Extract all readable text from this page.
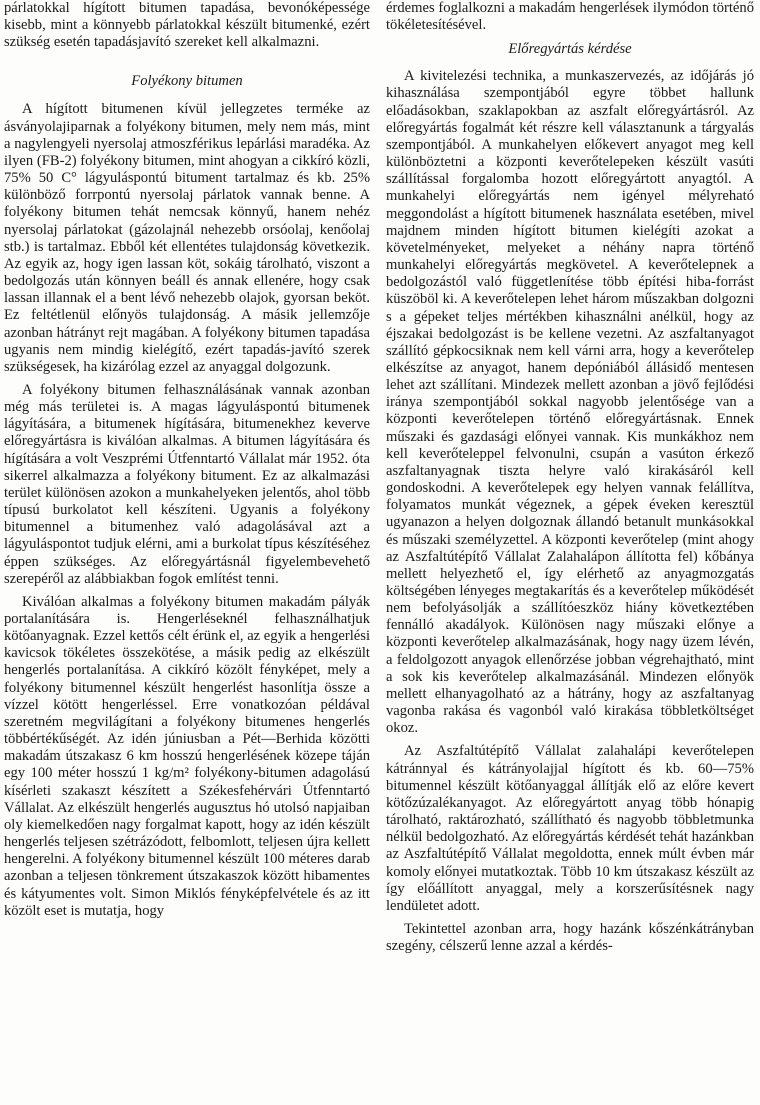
párlatokkal hígított bitumen tapadása, bevonóképessége kisebb, mint a könnyebb párlatokkal készült bitumenké, ezért szükség esetén tapadásjavító szereket kell alkalmazni.

Folyékony bitumen

A hígított bitumenen kívül jellegzetes terméke az ásványolajiparnak a folyékony bitumen, mely nem más, mint a nagylengyeli nyersolaj atmoszférikus lepárlási maradéka. Az ilyen (FB-2) folyékony bitumen, mint ahogyan a cikkíró közli, 75% 50 C° lágyuláspontú bitument tartalmaz és kb. 25% különböző forrpontú nyersolaj párlatok vannak benne. A folyékony bitumen tehát nemcsak könnyű, hanem nehéz nyersolaj párlatokat (gázolajnál nehezebb orsóolaj, kenőolaj stb.) is tartalmaz. Ebből két ellentétes tulajdonság következik. Az egyik az, hogy igen lassan köt, sokáig tárolható, viszont a bedolgozás után könnyen beáll és annak ellenére, hogy csak lassan illannak el a bent lévő nehezebb olajok, gyorsan beköt. Ez feltétlenül előnyös tulajdonság. A másik jellemzője azonban hátrányt rejt magában. A folyékony bitumen tapadása ugyanis nem mindig kielégítő, ezért tapadás-javító szerek szükségesek, ha kizárólag ezzel az anyaggal dolgozunk.

A folyékony bitumen felhasználásának vannak azonban még más területei is. A magas lágyuláspontú bitumenek lágyítására, a bitumenek hígítására, bitumenekhez keverve előregyártásra is kiválóan alkalmas. A bitumen lágyítására és hígítására a volt Veszprémi Útfenntartó Vállalat már 1952. óta sikerrel alkalmazza a folyékony bitument. Ez az alkalmazási terület különösen azokon a munkahelyeken jelentős, ahol több típusú burkolatot kell készíteni. Ugyanis a folyékony bitumennel a bitumenhez való adagolásával azt a lágyuláspontot tudjuk elérni, ami a burkolat típus készítéséhez éppen szükséges. Az előregyártásnál figyelembevehető szerepéről az alábbiakban fogok említést tenni.

Kiválóan alkalmas a folyékony bitumen makadám pályák portalanítására is. Hengerléseknél felhasználhatjuk kötőanyagnak. Ezzel kettős célt érünk el, az egyik a hengerlési kavicsok tökéletes összekötése, a másik pedig az elkészült hengerlés portalanítása. A cikkíró közölt fényképet, mely a folyékony bitumennel készült hengerlést hasonlítja össze a vízzel kötött hengerléssel. Erre vonatkozóan példával szeretném megvilágítani a folyékony bitumenes hengerlés többértékűségét. Az idén júniusban a Pét—Berhida közötti makadám útszakasz 6 km hosszú hengerlésének közepe táján egy 100 méter hosszú 1 kg/m² folyékony-bitumen adagolású kísérleti szakaszt készített a Székesfehérvári Útfenntartó Vállalat. Az elkészült hengerlés augusztus hó utolsó napjaiban oly kiemelkedően nagy forgalmat kapott, hogy az idén készült hengerlés teljesen szétrázódott, felbomlott, teljesen újra kellett hengerelni. A folyékony bitumennel készült 100 méteres darab azonban a teljesen tönkrement útszakaszok között hibamentes és kátyumentes volt. Simon Miklós fényképfelvétele és az itt közölt eset is mutatja, hogy

érdemes foglalkozni a makadám hengerlések ilymódon történő tökéletesítésével.

Előregyártás kérdése

A kivitelezési technika, a munkaszervezés, az időjárás jó kihasználása szempontjából egyre többet hallunk előadásokban, szaklapokban az aszfalt előregyártásról. Az előregyártás fogalmát két részre kell választanunk a tárgyalás szempontjából. A munkahelyen előkevert anyagot meg kell különböztetni a központi keverőtelepeken készült vasúti szállítással forgalomba hozott előregyártott anyagtól. A munkahelyi előregyártás nem igényel mélyreható meggondolást a hígított bitumenek használata esetében, mivel majdnem minden hígított bitumen kielégíti azokat a követelményeket, melyeket a néhány napra történő munkahelyi előregyártás megkövetel. A keverőtelepnek a bedolgozástól való függetlenítése több építési hiba-forrást küszöböl ki. A keverőtelepen lehet három műszakban dolgozni s a gépeket teljes mértékben kihasználni anélkül, hogy az éjszakai bedolgozást is be kellene vezetni. Az aszfaltanyagot szállító gépkocsiknak nem kell várni arra, hogy a keverőtelep elkészítse az anyagot, hanem depóniából állásidő mentesen lehet azt szállítani. Mindezek mellett azonban a jövő fejlődési iránya szempontjából sokkal nagyobb jelentősége van a központi keverőtelepen történő előregyártásnak. Ennek műszaki és gazdasági előnyei vannak. Kis munkákhoz nem kell keverőteleppel felvonulni, csupán a vasúton érkező aszfaltanyagnak tiszta helyre való kirakásáról kell gondoskodni. A keverőtelepek egy helyen vannak felállítva, folyamatos munkát végeznek, a gépek éveken keresztül ugyanazon a helyen dolgoznak állandó betanult munkásokkal és műszaki személyzettel. A központi keverőtelep (mint ahogy az Aszfaltútépítő Vállalat Zalahalápon állította fel) kőbánya mellett helyezhető el, így elérhető az anyagmozgatás költségében lényeges megtakarítás és a keverőtelep működését nem befolyásolják a szállítóeszköz hiány következtében fennálló akadályok. Különösen nagy műszaki előnye a központi keverőtelep alkalmazásának, hogy nagy üzem lévén, a feldolgozott anyagok ellenőrzése jobban végrehajtható, mint a sok kis keverőtelep alkalmazásánál. Mindezen előnyök mellett elhanyagolható az a hátrány, hogy az aszfaltanyag vagonba rakása és vagonból való kirakása többletköltséget okoz.

Az Aszfaltútépítő Vállalat zalahalápi keverőtelepen kátránnyal és kátrányolajjal hígított és kb. 60—75% bitumennel készült kötőanyaggal állítják elő az előre kevert kötőzúzalékanyagot. Az előregyártott anyag több hónapig tárolható, raktározható, szállítható és nagyobb többletmunka nélkül bedolgozható. Az előregyártás kérdését tehát hazánkban az Aszfaltútépítő Vállalat megoldotta, ennek múlt évben már komoly előnyei mutatkoztak. Több 10 km útszakasz készült az így előállított anyaggal, mely a korszerűsítésnek nagy lendületet adott.

Tekintettel azonban arra, hogy hazánk kőszénkátrányban szegény, célszerű lenne azzal a kérdés-
